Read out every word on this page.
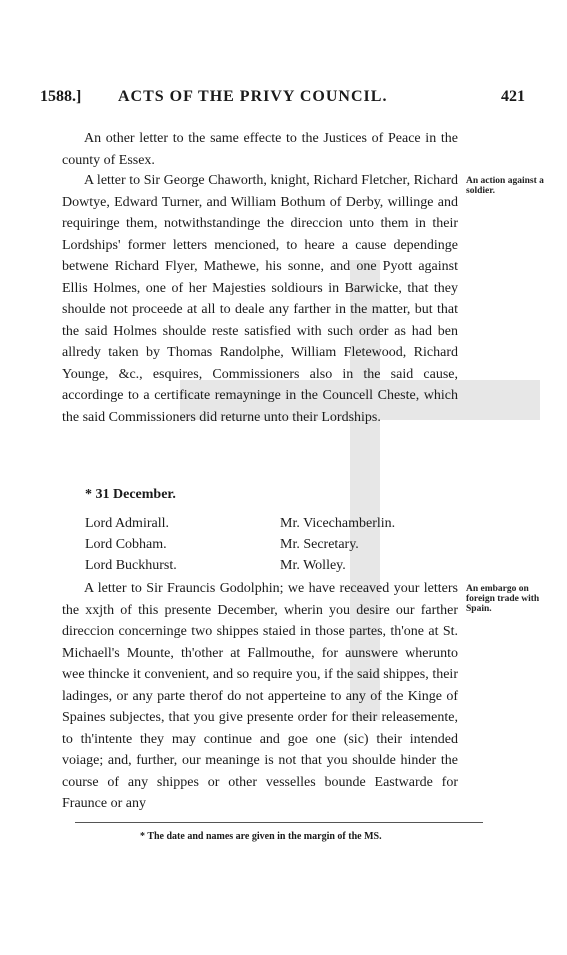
1588.] ACTS OF THE PRIVY COUNCIL.	421

An other letter to the same effecte to the Justices of Peace in the county of Essex.

A letter to Sir George Chaworth, knight, Richard Fletcher, Richard Dowtye, Edward Turner, and William Bothum of Derby, willinge and requiringe them, notwithstandinge the direccion unto them in their Lordships' former letters mencioned, to heare a cause dependinge betwene Richard Flyer, Mathewe, his sonne, and one Pyott against Ellis Holmes, one of her Majesties soldiours in Barwicke, that they shoulde not proceede at all to deale any farther in the matter, but that the said Holmes shoulde reste satisfied with such order as had ben allredy taken by Thomas Randolphe, William Fletewood, Richard Younge, &c., esquires, Commissioners also in the said cause, accordinge to a certificate remayninge in the Councell Cheste, which the said Commissioners did returne unto their Lordships.

An action against a soldier.
* 31 December.
Lord Admirall.
Lord Cobham.
Lord Buckhurst.
Mr. Vicechamberlin.
Mr. Secretary.
Mr. Wolley.

A letter to Sir Frauncis Godolphin; we have receaved your letters the xxjth of this presente December, wherin you desire our farther direccion concerninge two shippes staied in those partes, th'one at St. Michaell's Mounte, th'other at Fallmouthe, for aunswere wherunto wee thincke it convenient, and so require you, if the said shippes, their ladinges, or any parte therof do not apperteine to any of the Kinge of Spaines subjectes, that you give presente order for their releasemente, to th'intente they may continue and goe one (sic) their intended voiage; and, further, our meaninge is not that you shoulde hinder the course of any shippes or other vesselles bounde Eastwarde for Fraunce or any

An embargo on foreign trade with Spain.
* The date and names are given in the margin of the MS.
